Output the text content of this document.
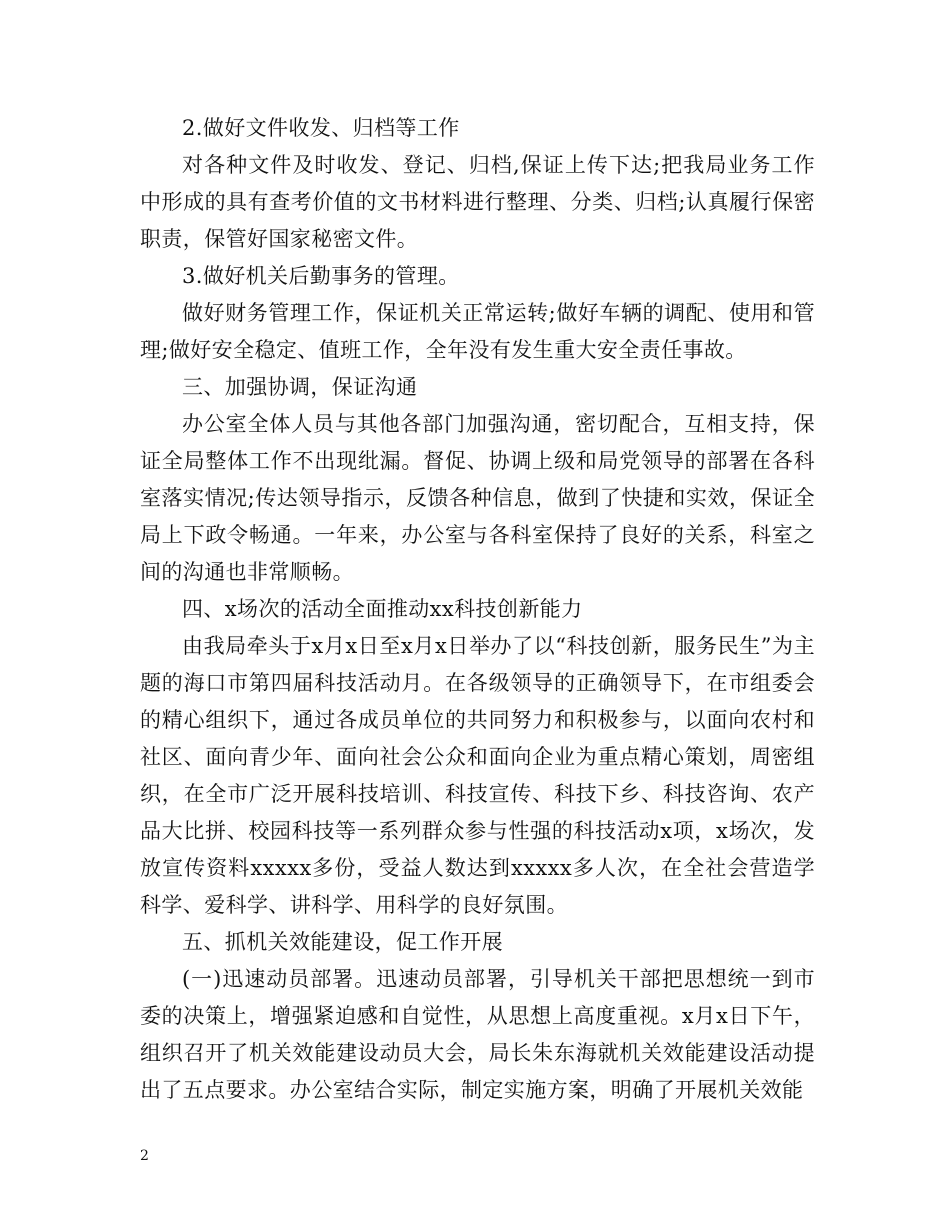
2.做好文件收发、归档等工作

对各种文件及时收发、登记、归档,保证上传下达;把我局业务工作中形成的具有查考价值的文书材料进行整理、分类、归档;认真履行保密职责，保管好国家秘密文件。

3.做好机关后勤事务的管理。

做好财务管理工作，保证机关正常运转;做好车辆的调配、使用和管理;做好安全稳定、值班工作，全年没有发生重大安全责任事故。

三、加强协调，保证沟通

办公室全体人员与其他各部门加强沟通，密切配合，互相支持，保证全局整体工作不出现纰漏。督促、协调上级和局党领导的部署在各科室落实情况;传达领导指示，反馈各种信息，做到了快捷和实效，保证全局上下政令畅通。一年来，办公室与各科室保持了良好的关系，科室之间的沟通也非常顺畅。

四、x场次的活动全面推动xx科技创新能力

由我局牵头于x月x日至x月x日举办了以“科技创新，服务民生”为主题的海口市第四届科技活动月。在各级领导的正确领导下，在市组委会的精心组织下，通过各成员单位的共同努力和积极参与，以面向农村和社区、面向青少年、面向社会公众和面向企业为重点精心策划，周密组织，在全市广泛开展科技培训、科技宣传、科技下乡、科技咨询、农产品大比拼、校园科技等一系列群众参与性强的科技活动x项，x场次，发放宣传资料xxxxx多份，受益人数达到xxxxx多人次，在全社会营造学科学、爱科学、讲科学、用科学的良好氛围。

五、抓机关效能建设，促工作开展

(一)迅速动员部署。迅速动员部署，引导机关干部把思想统一到市委的决策上，增强紧迫感和自觉性，从思想上高度重视。x月x日下午，组织召开了机关效能建设动员大会，局长朱东海就机关效能建设活动提出了五点要求。办公室结合实际，制定实施方案，明确了开展机关效能

2
